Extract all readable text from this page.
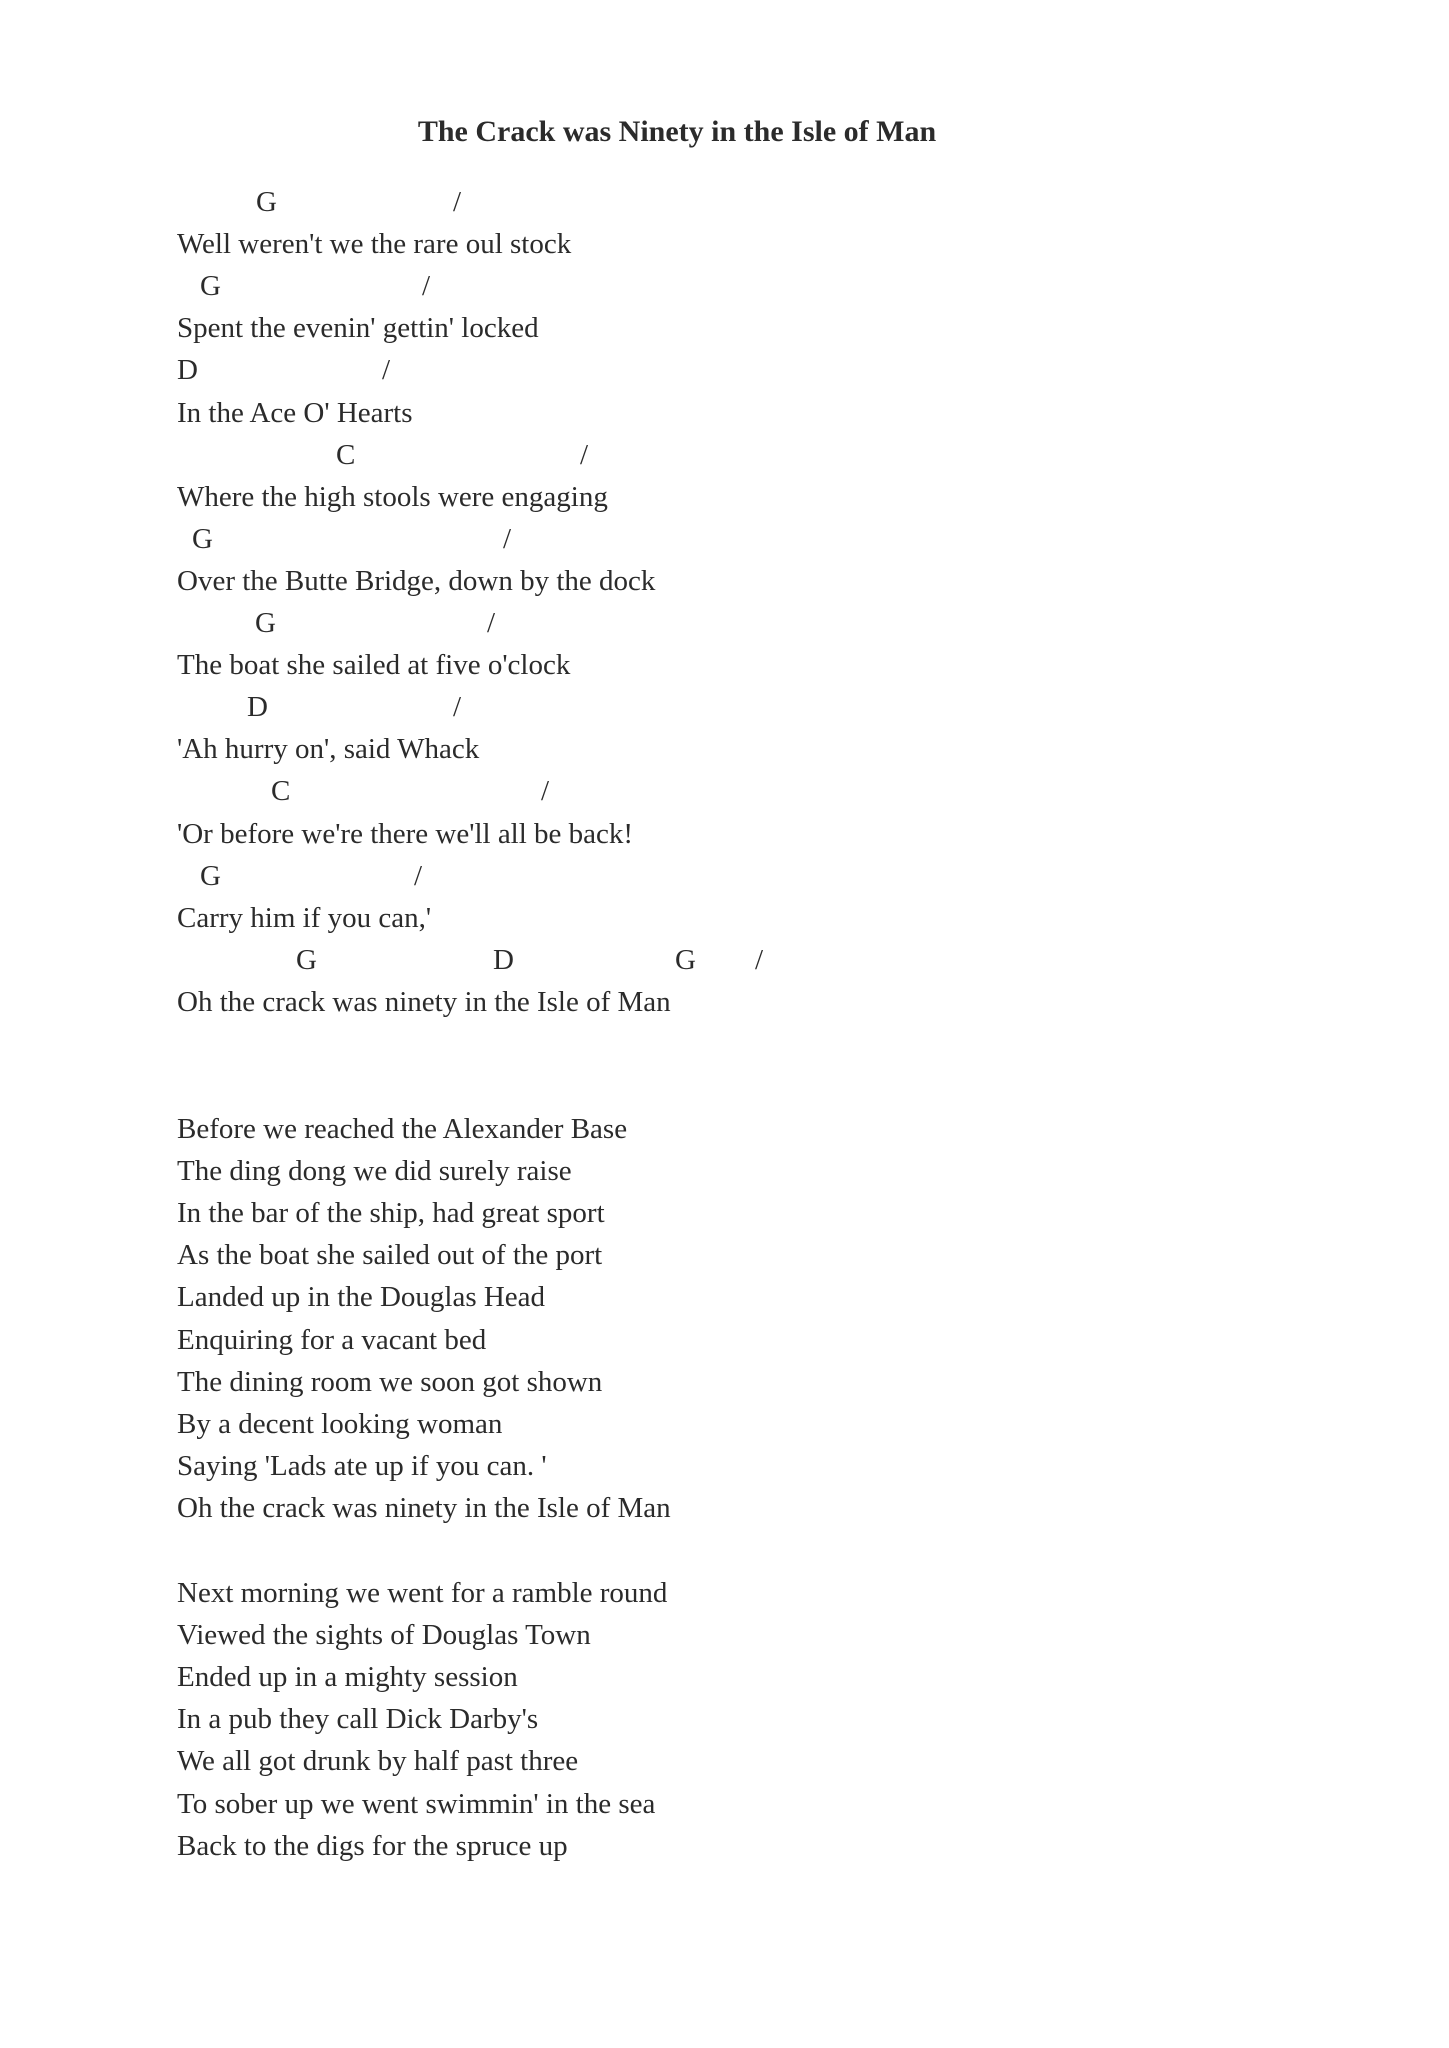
The Crack was Ninety in the Isle of Man
G	/
Well weren't we the rare oul stock
G	/
Spent the evenin' gettin' locked
D	/
In the Ace O' Hearts
C	/
Where the high stools were engaging
G	/
Over the Butte Bridge, down by the dock
G	/
The boat she sailed at five o'clock
D	/
'Ah hurry on', said Whack
C	/
'Or before we're there we'll all be back!
G	/
Carry him if you can,'
G	D	G /
Oh the crack was ninety in the Isle of Man
Before we reached the Alexander Base
The ding dong we did surely raise
In the bar of the ship, had great sport
As the boat she sailed out of the port
Landed up in the Douglas Head
Enquiring for a vacant bed
The dining room we soon got shown
By a decent looking woman
Saying 'Lads ate up if you can. '
Oh the crack was ninety in the Isle of Man
Next morning we went for a ramble round
Viewed the sights of Douglas Town
Ended up in a mighty session
In a pub they call Dick Darby's
We all got drunk by half past three
To sober up we went swimmin' in the sea
Back to the digs for the spruce up
